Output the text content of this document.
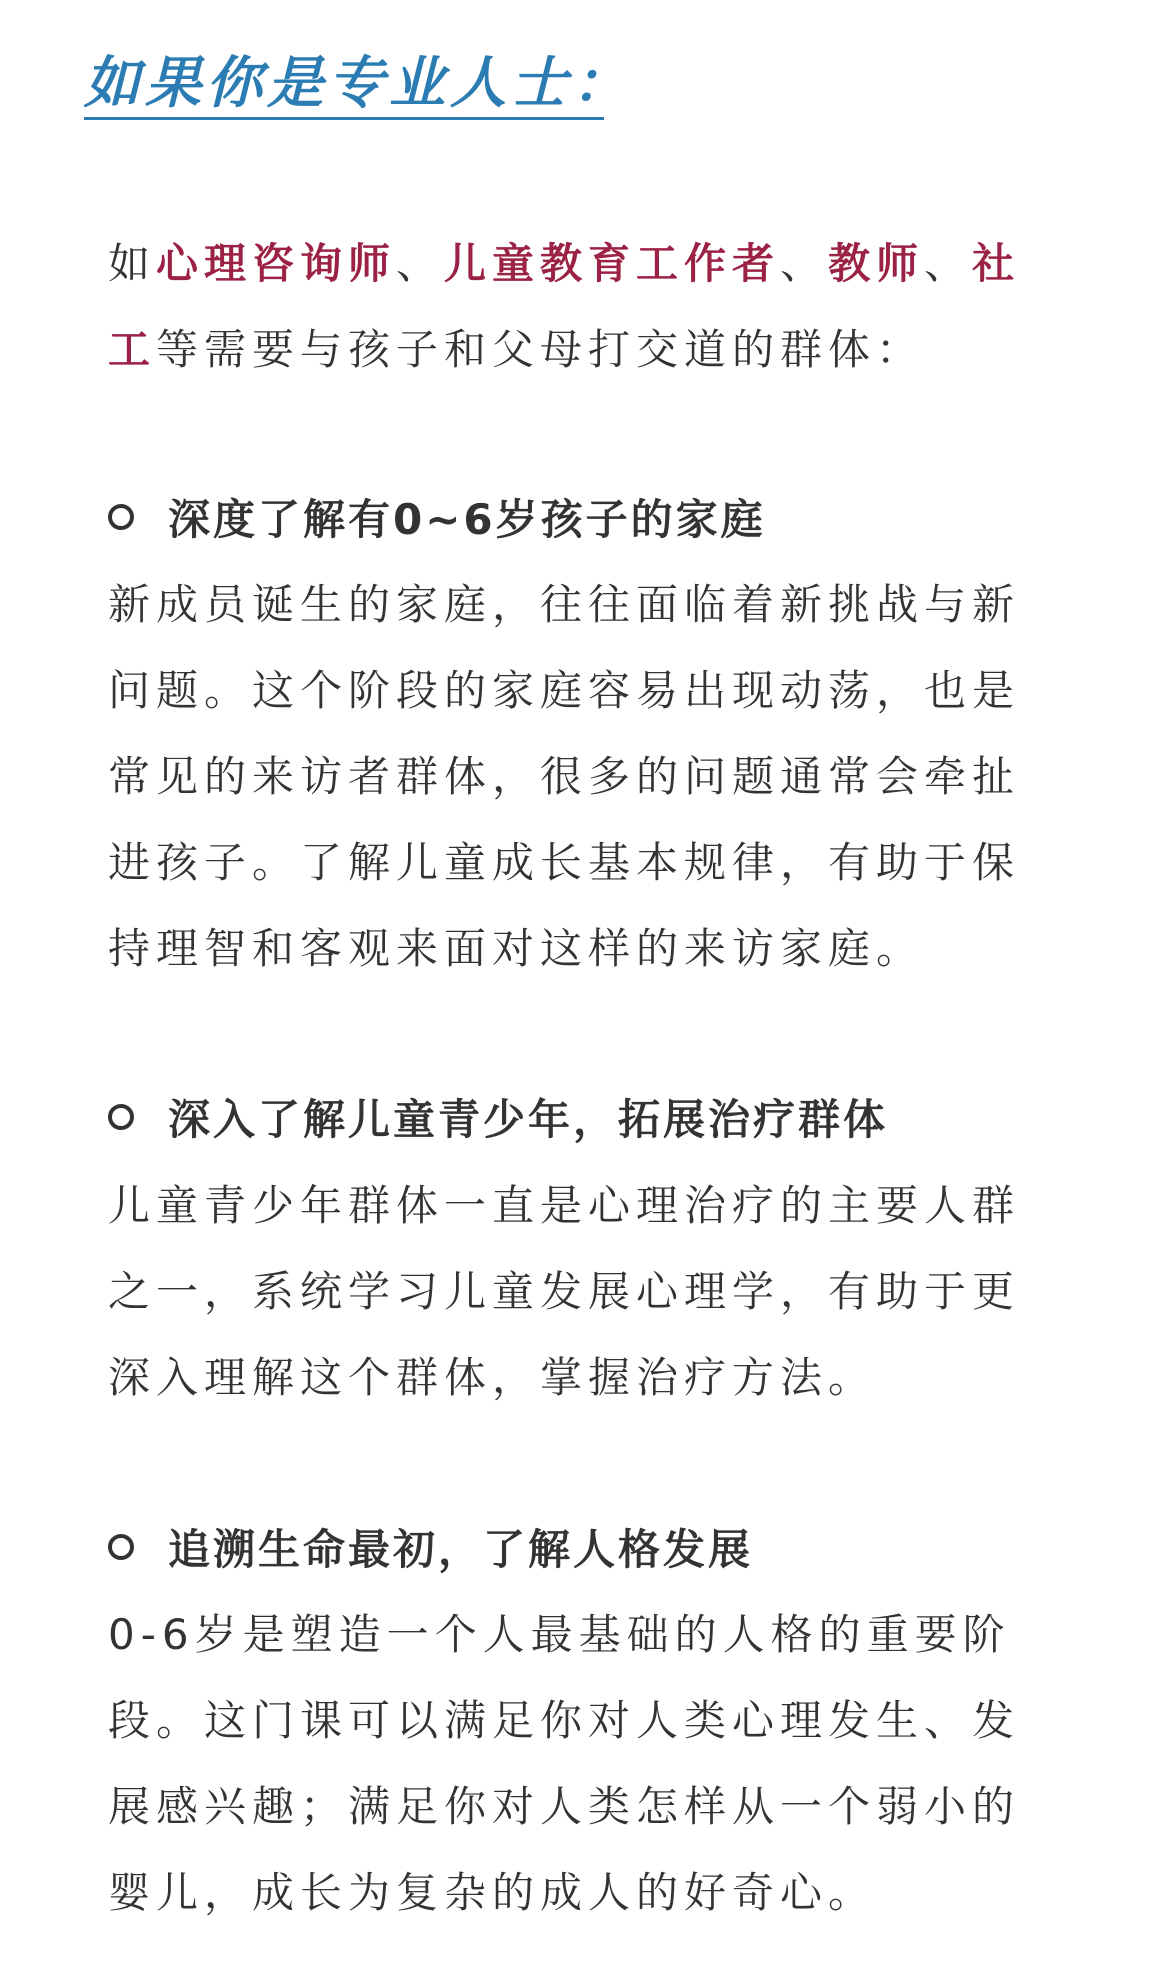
如果你是专业人士：
如心理咨询师、儿童教育工作者、教师、社工等需要与孩子和父母打交道的群体：
深度了解有0~6岁孩子的家庭
新成员诞生的家庭，往往面临着新挑战与新问题。这个阶段的家庭容易出现动荡，也是常见的来访者群体，很多的问题通常会牵扯进孩子。了解儿童成长基本规律，有助于保持理智和客观来面对这样的来访家庭。
深入了解儿童青少年，拓展治疗群体
儿童青少年群体一直是心理治疗的主要人群之一，系统学习儿童发展心理学，有助于更深入理解这个群体，掌握治疗方法。
追溯生命最初，了解人格发展
0-6岁是塑造一个人最基础的人格的重要阶段。这门课可以满足你对人类心理发生、发展感兴趣；满足你对人类怎样从一个弱小的婴儿，成长为复杂的成人的好奇心。
